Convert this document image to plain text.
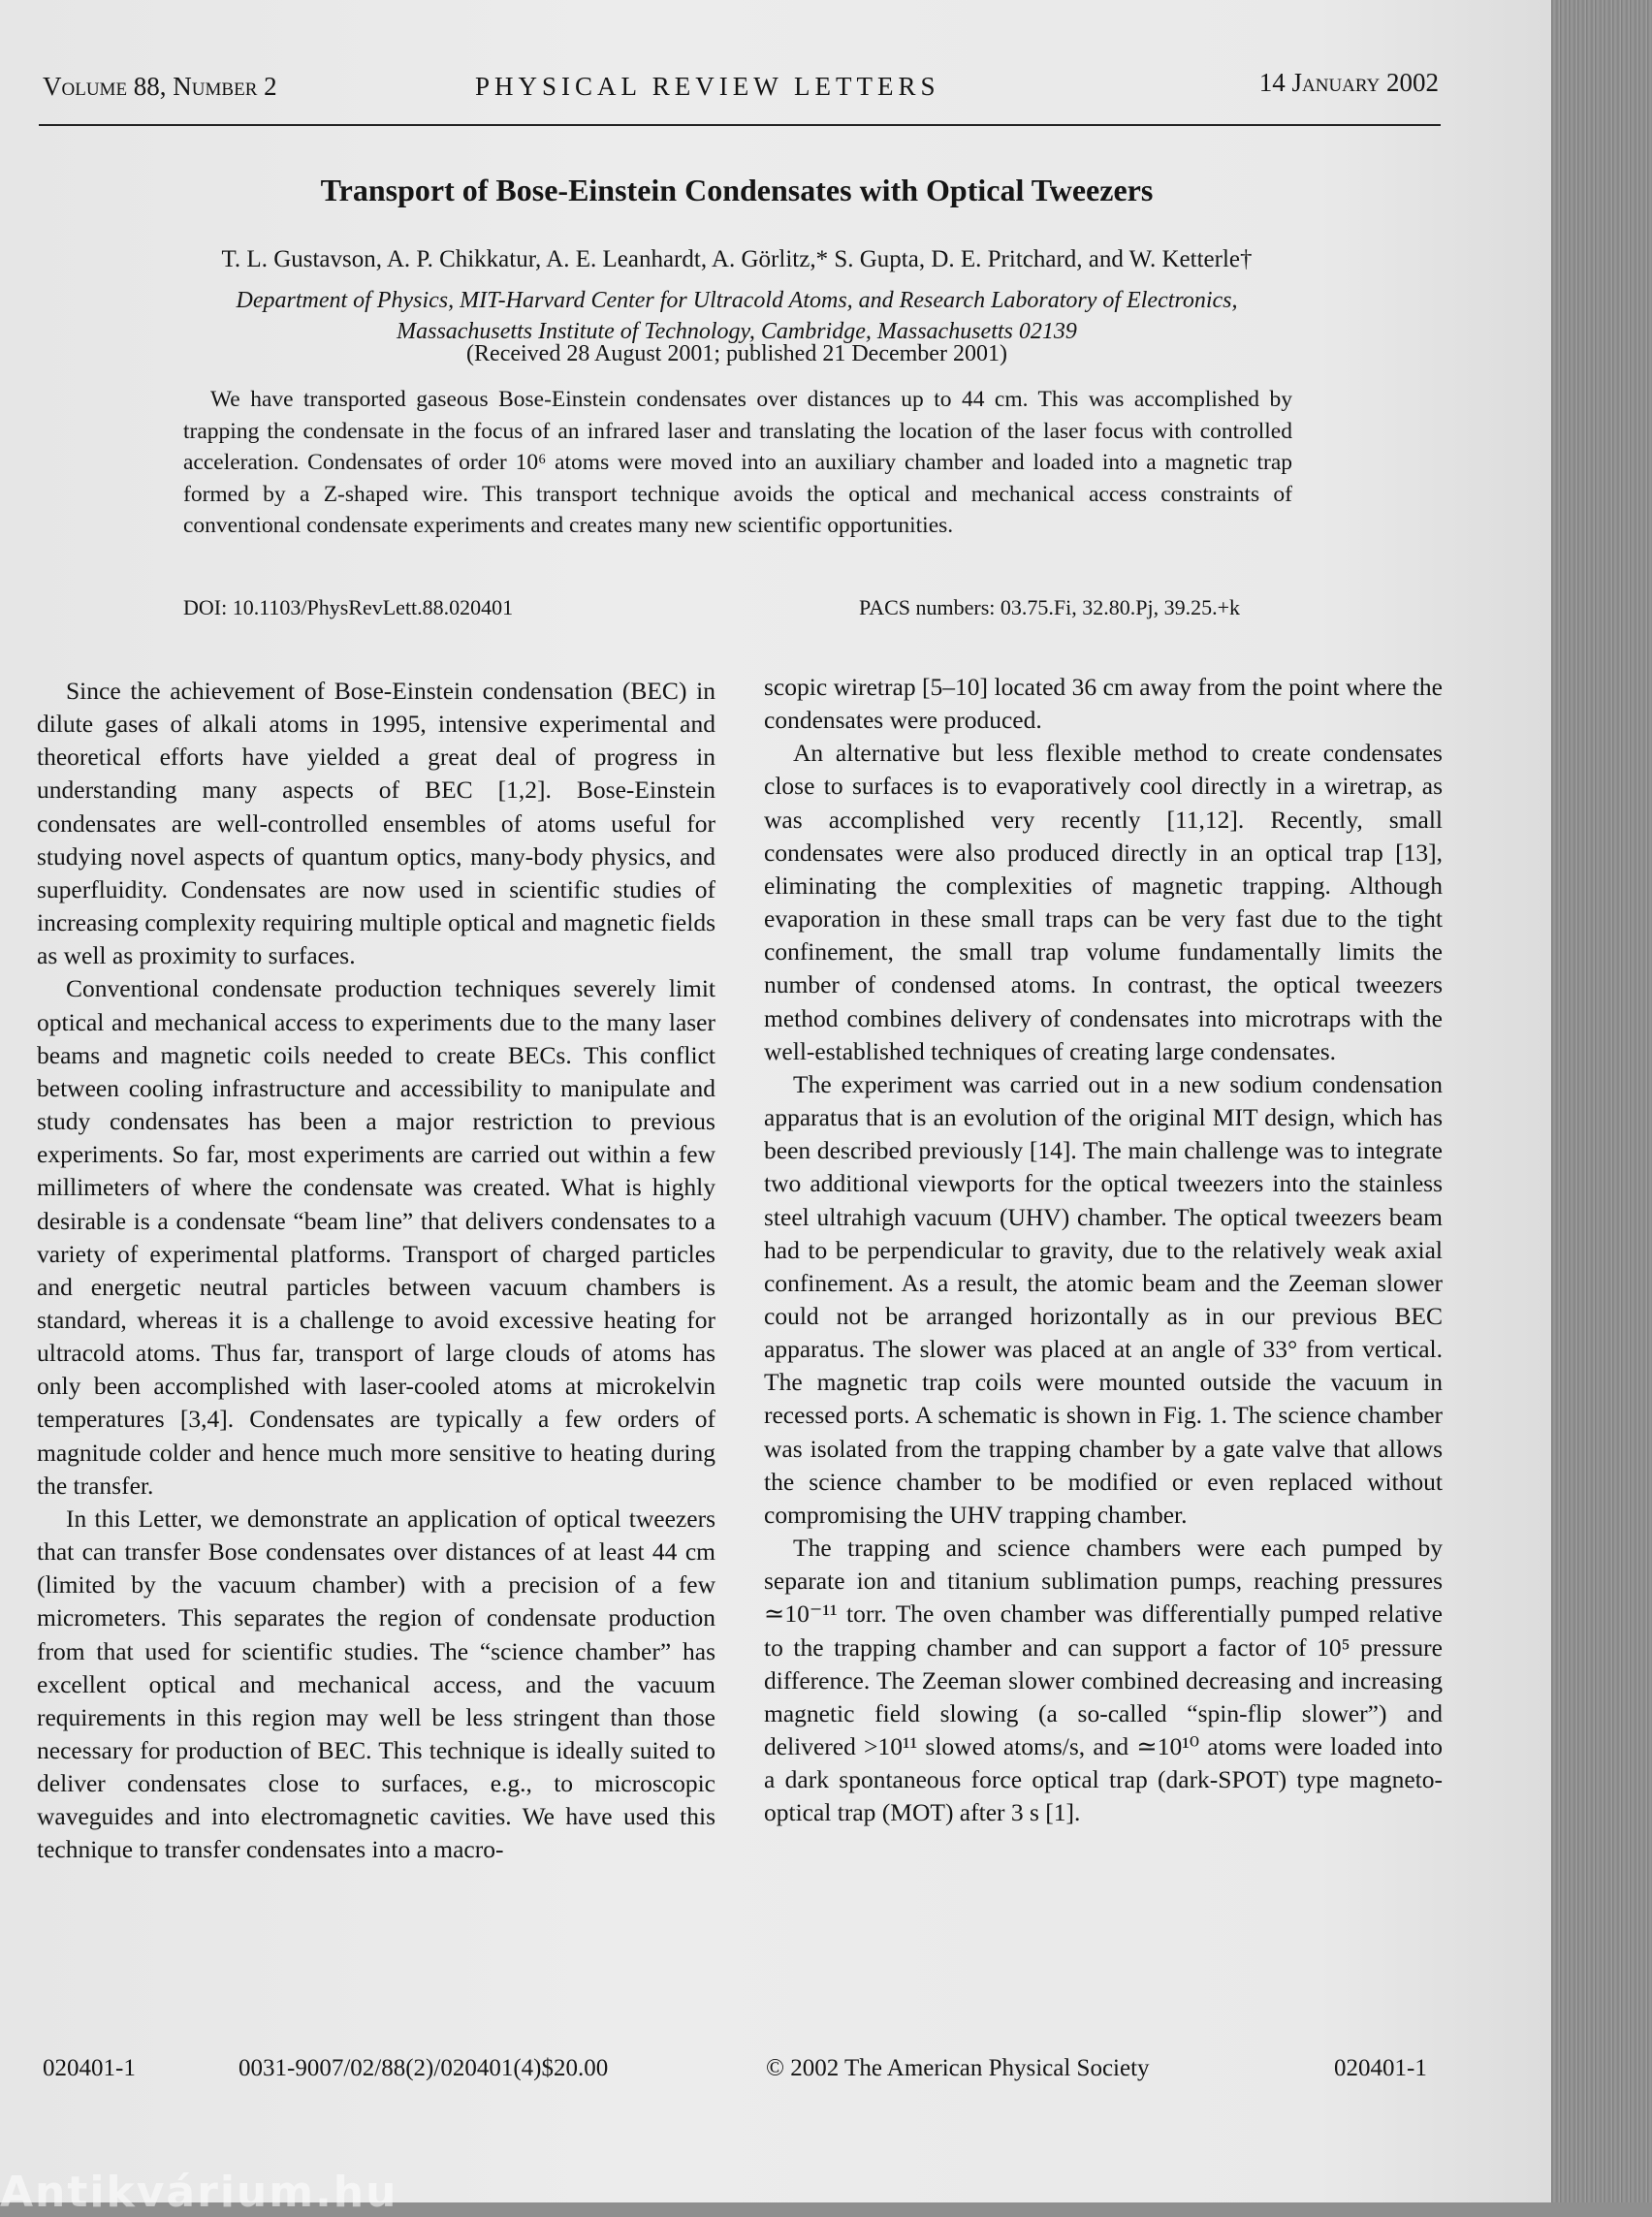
Volume 88, Number 2	PHYSICAL REVIEW LETTERS	14 January 2002
Transport of Bose-Einstein Condensates with Optical Tweezers
T. L. Gustavson, A. P. Chikkatur, A. E. Leanhardt, A. Görlitz,* S. Gupta, D. E. Pritchard, and W. Ketterle†
Department of Physics, MIT-Harvard Center for Ultracold Atoms, and Research Laboratory of Electronics,
Massachusetts Institute of Technology, Cambridge, Massachusetts 02139
(Received 28 August 2001; published 21 December 2001)
We have transported gaseous Bose-Einstein condensates over distances up to 44 cm. This was accomplished by trapping the condensate in the focus of an infrared laser and translating the location of the laser focus with controlled acceleration. Condensates of order 10⁶ atoms were moved into an auxiliary chamber and loaded into a magnetic trap formed by a Z-shaped wire. This transport technique avoids the optical and mechanical access constraints of conventional condensate experiments and creates many new scientific opportunities.
DOI: 10.1103/PhysRevLett.88.020401	PACS numbers: 03.75.Fi, 32.80.Pj, 39.25.+k

Since the achievement of Bose-Einstein condensation (BEC) in dilute gases of alkali atoms in 1995, intensive experimental and theoretical efforts have yielded a great deal of progress in understanding many aspects of BEC [1,2]. Bose-Einstein condensates are well-controlled ensembles of atoms useful for studying novel aspects of quantum optics, many-body physics, and superfluidity. Condensates are now used in scientific studies of increasing complexity requiring multiple optical and magnetic fields as well as proximity to surfaces.

Conventional condensate production techniques severely limit optical and mechanical access to experiments due to the many laser beams and magnetic coils needed to create BECs. This conflict between cooling infrastructure and accessibility to manipulate and study condensates has been a major restriction to previous experiments. So far, most experiments are carried out within a few millimeters of where the condensate was created. What is highly desirable is a condensate “beam line” that delivers condensates to a variety of experimental platforms. Transport of charged particles and energetic neutral particles between vacuum chambers is standard, whereas it is a challenge to avoid excessive heating for ultracold atoms. Thus far, transport of large clouds of atoms has only been accomplished with laser-cooled atoms at microkelvin temperatures [3,4]. Condensates are typically a few orders of magnitude colder and hence much more sensitive to heating during the transfer.

In this Letter, we demonstrate an application of optical tweezers that can transfer Bose condensates over distances of at least 44 cm (limited by the vacuum chamber) with a precision of a few micrometers. This separates the region of condensate production from that used for scientific studies. The “science chamber” has excellent optical and mechanical access, and the vacuum requirements in this region may well be less stringent than those necessary for production of BEC. This technique is ideally suited to deliver condensates close to surfaces, e.g., to microscopic waveguides and into electromagnetic cavities. We have used this technique to transfer condensates into a macro-

scopic wiretrap [5–10] located 36 cm away from the point where the condensates were produced.

An alternative but less flexible method to create condensates close to surfaces is to evaporatively cool directly in a wiretrap, as was accomplished very recently [11,12]. Recently, small condensates were also produced directly in an optical trap [13], eliminating the complexities of magnetic trapping. Although evaporation in these small traps can be very fast due to the tight confinement, the small trap volume fundamentally limits the number of condensed atoms. In contrast, the optical tweezers method combines delivery of condensates into microtraps with the well-established techniques of creating large condensates.

The experiment was carried out in a new sodium condensation apparatus that is an evolution of the original MIT design, which has been described previously [14]. The main challenge was to integrate two additional viewports for the optical tweezers into the stainless steel ultrahigh vacuum (UHV) chamber. The optical tweezers beam had to be perpendicular to gravity, due to the relatively weak axial confinement. As a result, the atomic beam and the Zeeman slower could not be arranged horizontally as in our previous BEC apparatus. The slower was placed at an angle of 33° from vertical. The magnetic trap coils were mounted outside the vacuum in recessed ports. A schematic is shown in Fig. 1. The science chamber was isolated from the trapping chamber by a gate valve that allows the science chamber to be modified or even replaced without compromising the UHV trapping chamber.

The trapping and science chambers were each pumped by separate ion and titanium sublimation pumps, reaching pressures ≃10⁻¹¹ torr. The oven chamber was differentially pumped relative to the trapping chamber and can support a factor of 10⁵ pressure difference. The Zeeman slower combined decreasing and increasing magnetic field slowing (a so-called “spin-flip slower”) and delivered >10¹¹ slowed atoms/s, and ≃10¹⁰ atoms were loaded into a dark spontaneous force optical trap (dark-SPOT) type magneto-optical trap (MOT) after 3 s [1].

020401-1	0031-9007/02/88(2)/020401(4)$20.00	© 2002 The American Physical Society	020401-1
Antikvárium.hu
